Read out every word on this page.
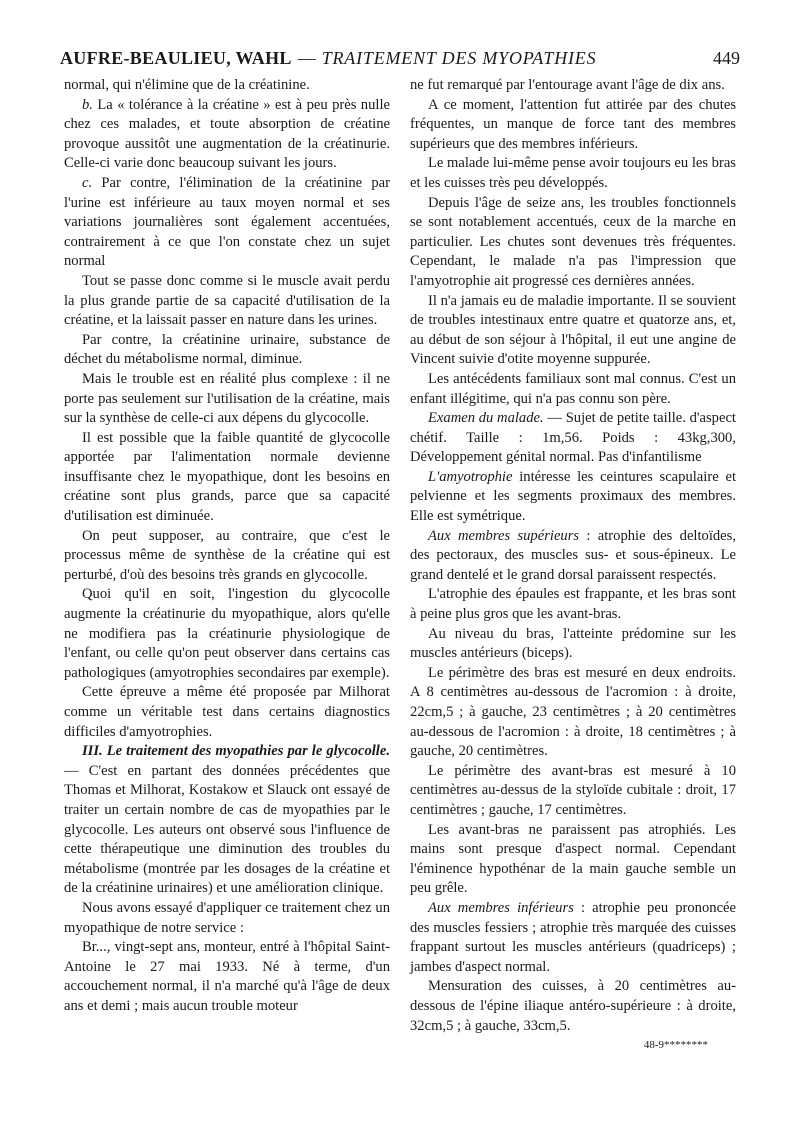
AUFRE-BEAULIEU, WAHL — TRAITEMENT DES MYOPATHIES	449

normal, qui n'élimine que de la créatinine.

b. La « tolérance à la créatine » est à peu près nulle chez ces malades, et toute absorption de créatine provoque aussitôt une augmentation de la créatinurie. Celle-ci varie donc beaucoup suivant les jours.

c. Par contre, l'élimination de la créatinine par l'urine est inférieure au taux moyen normal et ses variations journalières sont également accentuées, contrairement à ce que l'on constate chez un sujet normal

Tout se passe donc comme si le muscle avait perdu la plus grande partie de sa capacité d'utilisation de la créatine, et la laissait passer en nature dans les urines.

Par contre, la créatinine urinaire, substance de déchet du métabolisme normal, diminue.

Mais le trouble est en réalité plus complexe : il ne porte pas seulement sur l'utilisation de la créatine, mais sur la synthèse de celle-ci aux dépens du glycocolle.

Il est possible que la faible quantité de glycocolle apportée par l'alimentation normale devienne insuffisante chez le myopathique, dont les besoins en créatine sont plus grands, parce que sa capacité d'utilisation est diminuée.

On peut supposer, au contraire, que c'est le processus même de synthèse de la créatine qui est perturbé, d'où des besoins très grands en glycocolle.

Quoi qu'il en soit, l'ingestion du glycocolle augmente la créatinurie du myopathique, alors qu'elle ne modifiera pas la créatinurie physiologique de l'enfant, ou celle qu'on peut observer dans certains cas pathologiques (amyotrophies secondaires par exemple).

Cette épreuve a même été proposée par Milhorat comme un véritable test dans certains diagnostics difficiles d'amyotrophies.

III. Le traitement des myopathies par le glycocolle. — C'est en partant des données précédentes que Thomas et Milhorat, Kostakow et Slauck ont essayé de traiter un certain nombre de cas de myopathies par le glycocolle. Les auteurs ont observé sous l'influence de cette thérapeutique une diminution des troubles du métabolisme (montrée par les dosages de la créatine et de la créatinine urinaires) et une amélioration clinique.

Nous avons essayé d'appliquer ce traitement chez un myopathique de notre service :

Br..., vingt-sept ans, monteur, entré à l'hôpital Saint-Antoine le 27 mai 1933. Né à terme, d'un accouchement normal, il n'a marché qu'à l'âge de deux ans et demi ; mais aucun trouble moteur

ne fut remarqué par l'entourage avant l'âge de dix ans.

A ce moment, l'attention fut attirée par des chutes fréquentes, un manque de force tant des membres supérieurs que des membres inférieurs.

Le malade lui-même pense avoir toujours eu les bras et les cuisses très peu développés.

Depuis l'âge de seize ans, les troubles fonctionnels se sont notablement accentués, ceux de la marche en particulier. Les chutes sont devenues très fréquentes. Cependant, le malade n'a pas l'impression que l'amyotrophie ait progressé ces dernières années.

Il n'a jamais eu de maladie importante. Il se souvient de troubles intestinaux entre quatre et quatorze ans, et, au début de son séjour à l'hôpital, il eut une angine de Vincent suivie d'otite moyenne suppurée.

Les antécédents familiaux sont mal connus. C'est un enfant illégitime, qui n'a pas connu son père.

Examen du malade. — Sujet de petite taille. d'aspect chétif. Taille : 1m,56. Poids : 43kg,300, Développement génital normal. Pas d'infantilisme

L'amyotrophie intéresse les ceintures scapulaire et pelvienne et les segments proximaux des membres. Elle est symétrique.

Aux membres supérieurs : atrophie des deltoïdes, des pectoraux, des muscles sus- et sous-épineux. Le grand dentelé et le grand dorsal paraissent respectés.

L'atrophie des épaules est frappante, et les bras sont à peine plus gros que les avant-bras.

Au niveau du bras, l'atteinte prédomine sur les muscles antérieurs (biceps).

Le périmètre des bras est mesuré en deux endroits. A 8 centimètres au-dessous de l'acromion : à droite, 22cm,5 ; à gauche, 23 centimètres ; à 20 centimètres au-dessous de l'acromion : à droite, 18 centimètres ; à gauche, 20 centimètres.

Le périmètre des avant-bras est mesuré à 10 centimètres au-dessus de la styloïde cubitale : droit, 17 centimètres ; gauche, 17 centimètres.

Les avant-bras ne paraissent pas atrophiés. Les mains sont presque d'aspect normal. Cependant l'éminence hypothénar de la main gauche semble un peu grêle.

Aux membres inférieurs : atrophie peu prononcée des muscles fessiers ; atrophie très marquée des cuisses frappant surtout les muscles antérieurs (quadriceps) ; jambes d'aspect normal.

Mensuration des cuisses, à 20 centimètres au-dessous de l'épine iliaque antéro-supérieure : à droite, 32cm,5 ; à gauche, 33cm,5.

48-9********
